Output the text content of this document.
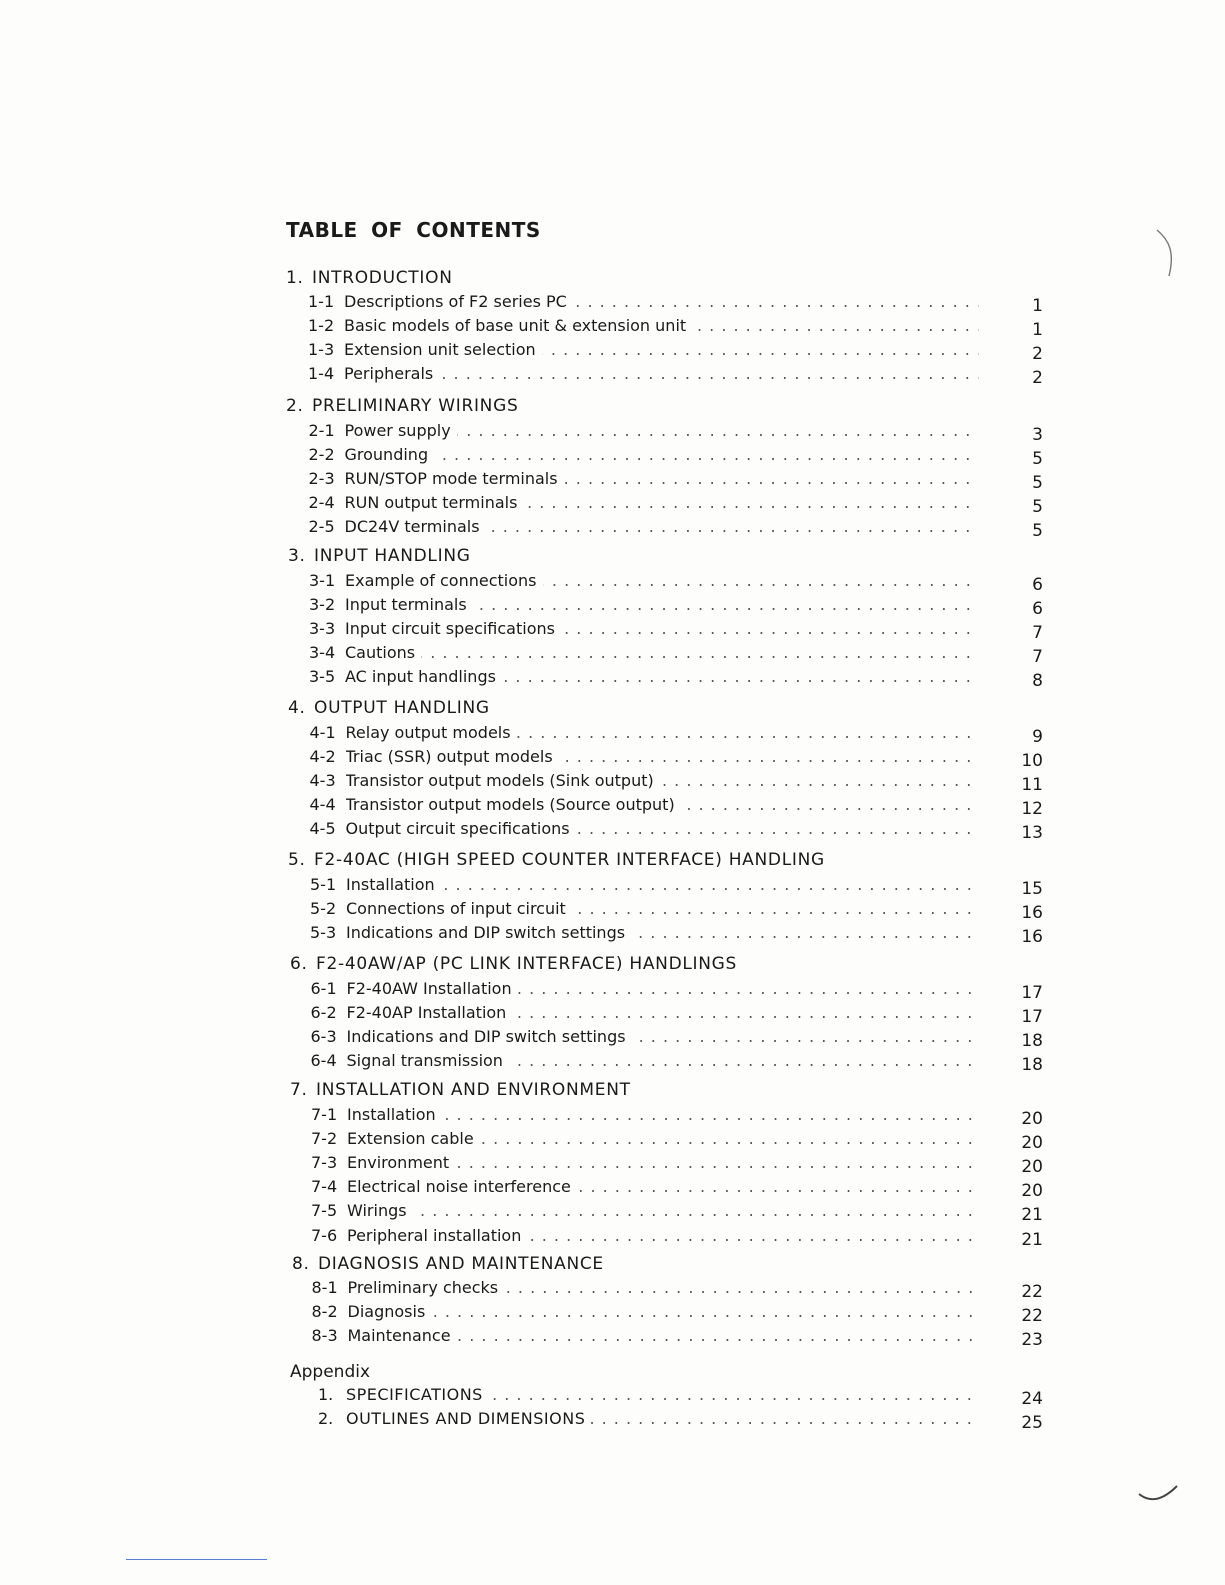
TABLE OF CONTENTS
1. INTRODUCTION
1-1 Descriptions of F2 series PC . . .	1
1-2 Basic models of base unit & extension unit . . .	1
1-3 Extension unit selection . . .	2
1-4 Peripherals . . .	2
2. PRELIMINARY WIRINGS
2-1 Power supply . . .	3
2-2 Grounding . . .	5
2-3 RUN/STOP mode terminals . . .	5
2-4 RUN output terminals . . .	5
2-5 DC24V terminals . . .	5
3. INPUT HANDLING
3-1 Example of connections . . .	6
3-2 Input terminals . . .	6
3-3 Input circuit specifications . . .	7
3-4 Cautions . . .	7
3-5 AC input handlings . . .	8
4. OUTPUT HANDLING
4-1 Relay output models . . .	9
4-2 Triac (SSR) output models . . .	10
4-3 Transistor output models (Sink output) . . .	11
4-4 Transistor output models (Source output) . . .	12
4-5 Output circuit specifications . . .	13
5. F2-40AC (HIGH SPEED COUNTER INTERFACE) HANDLING
5-1 Installation . . .	15
5-2 Connections of input circuit . . .	16
5-3 Indications and DIP switch settings . . .	16
6. F2-40AW/AP (PC LINK INTERFACE) HANDLINGS
6-1 F2-40AW Installation . . .	17
6-2 F2-40AP Installation . . .	17
6-3 Indications and DIP switch settings . . .	18
6-4 Signal transmission . . .	18
7. INSTALLATION AND ENVIRONMENT
7-1 Installation . . .	20
7-2 Extension cable . . .	20
7-3 Environment . . .	20
7-4 Electrical noise interference . . .	20
7-5 Wirings . . .	21
7-6 Peripheral installation . . .	21
8. DIAGNOSIS AND MAINTENANCE
8-1 Preliminary checks . . .	22
8-2 Diagnosis . . .	22
8-3 Maintenance . . .	23
Appendix
1. SPECIFICATIONS . . .	24
2. OUTLINES AND DIMENSIONS . . .	25
